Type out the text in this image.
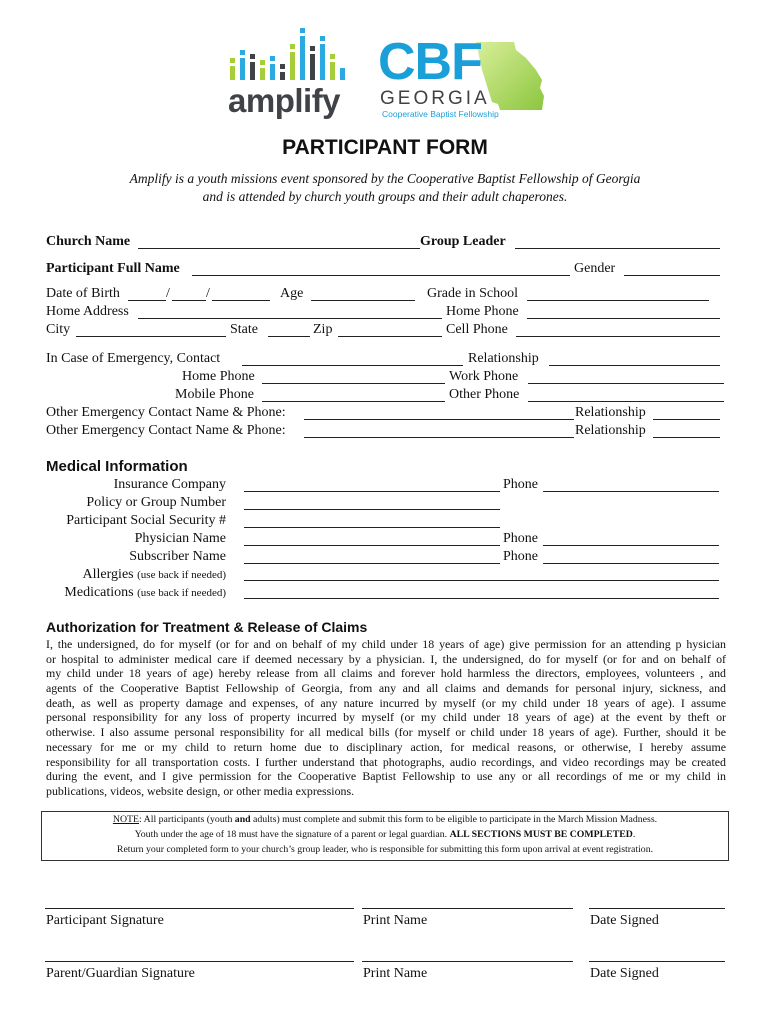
amplify
CBF
GEORGIA
Cooperative Baptist Fellowship
PARTICIPANT FORM
Amplify is a youth missions event sponsored by the Cooperative Baptist Fellowship of Georgia
and is attended by church youth groups and their adult chaperones.
Church Name	Group Leader
Participant Full Name	Gender
Date of Birth	/	/	Age	Grade in School
Home Address	Home Phone
City	State	Zip	Cell Phone
In Case of Emergency, Contact	Relationship
Home Phone	Work Phone
Mobile Phone	Other Phone
Other Emergency Contact Name & Phone:	Relationship
Other Emergency Contact Name & Phone:	Relationship
Medical Information
Insurance Company	Phone
Policy or Group Number
Participant Social Security #
Physician Name	Phone
Subscriber Name	Phone
Allergies (use back if needed)
Medications (use back if needed)
Authorization for Treatment & Release of Claims
I, the undersigned, do for myself (or for and on behalf of my child under 18 years of age) give permission for an attending p hysician
or hospital to administer medical care if deemed necessary by a physician. I, the undersigned, do for myself (or for and on behalf of
my child under 18 years of age) hereby release from all claims and forever hold harmless the directors, employees, volunteers , and
agents of the Cooperative Baptist Fellowship of Georgia, from any and all claims and demands for personal injury, sickness, and
death, as well as property damage and expenses, of any nature incurred by myself (or my child under 18 years of age). I assume
personal responsibility for any loss of property incurred by myself (or my child under 18 years of age) at the event by theft or
otherwise. I also assume personal responsibility for all medical bills (for myself or child under 18 years of age). Further, should it be
necessary for me or my child to return home due to disciplinary action, for medical reasons, or otherwise, I hereby assume
responsibility for all transportation costs. I further understand that photographs, audio recordings, and video recordings may be created
during the event, and I give permission for the Cooperative Baptist Fellowship to use any or all recordings of me or my child in
publications, videos, website design, or other media expressions.
NOTE: All participants (youth and adults) must complete and submit this form to be eligible to participate in the March Mission Madness.
Youth under the age of 18 must have the signature of a parent or legal guardian. ALL SECTIONS MUST BE COMPLETED.
Return your completed form to your church’s group leader, who is responsible for submitting this form upon arrival at event registration.
Participant Signature	Print Name	Date Signed
Parent/Guardian Signature	Print Name	Date Signed
